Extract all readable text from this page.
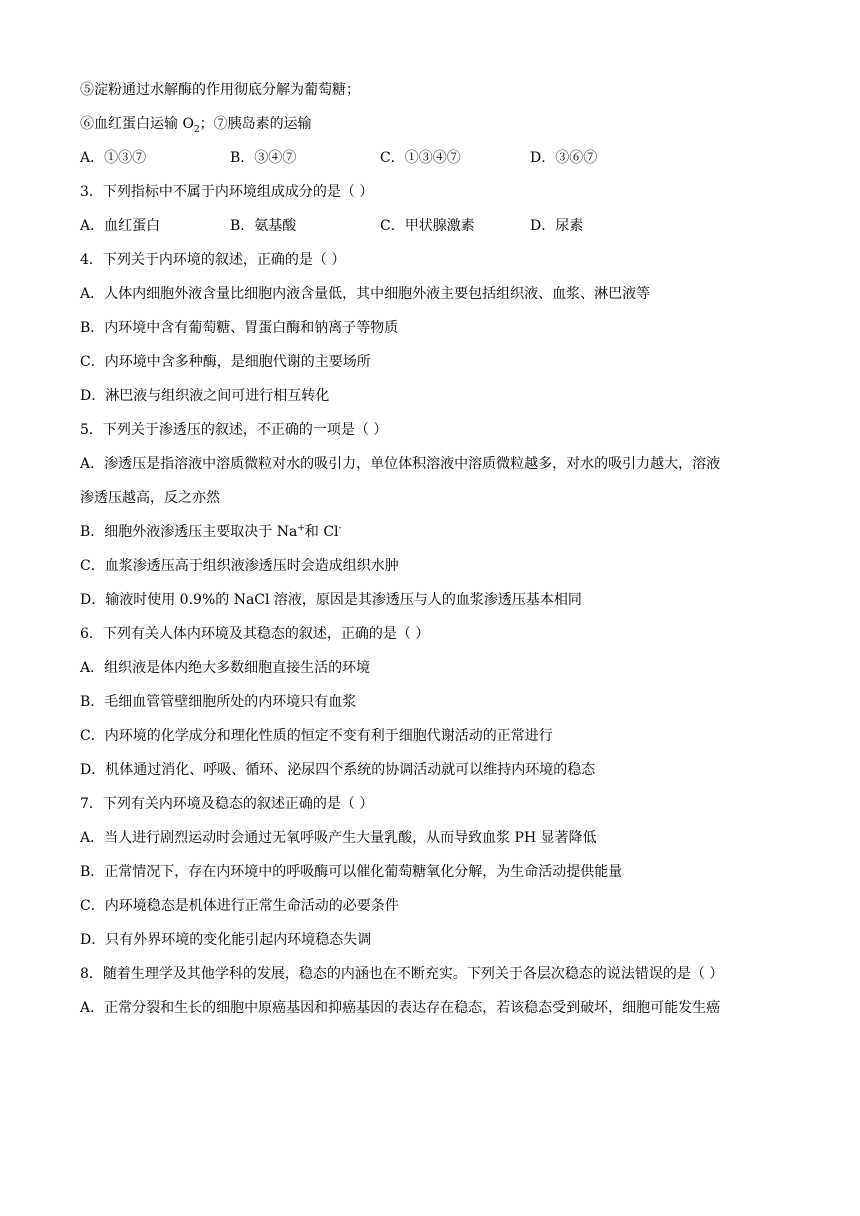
⑤淀粉通过水解酶的作用彻底分解为葡萄糖；
⑥血红蛋白运输 $O_2$；⑦胰岛素的运输
A．①③⑦	B．③④⑦	C．①③④⑦	D．③⑥⑦
3．下列指标中不属于内环境组成成分的是（ ）
A．血红蛋白	B．氨基酸	C．甲状腺激素	D．尿素
4．下列关于内环境的叙述，正确的是（ ）
A．人体内细胞外液含量比细胞内液含量低，其中细胞外液主要包括组织液、血浆、淋巴液等
B．内环境中含有葡萄糖、胃蛋白酶和钠离子等物质
C．内环境中含多种酶，是细胞代谢的主要场所
D．淋巴液与组织液之间可进行相互转化
5．下列关于渗透压的叙述，不正确的一项是（ ）
A．渗透压是指溶液中溶质微粒对水的吸引力，单位体积溶液中溶质微粒越多，对水的吸引力越大，溶液
渗透压越高，反之亦然
B．细胞外液渗透压主要取决于 Na+和 Cl-
C．血浆渗透压高于组织液渗透压时会造成组织水肿
D．输液时使用 0.9%的 NaCl 溶液，原因是其渗透压与人的血浆渗透压基本相同
6．下列有关人体内环境及其稳态的叙述，正确的是（ ）
A．组织液是体内绝大多数细胞直接生活的环境
B．毛细血管管壁细胞所处的内环境只有血浆
C．内环境的化学成分和理化性质的恒定不变有利于细胞代谢活动的正常进行
D．机体通过消化、呼吸、循环、泌尿四个系统的协调活动就可以维持内环境的稳态
7．下列有关内环境及稳态的叙述正确的是（ ）
A．当人进行剧烈运动时会通过无氧呼吸产生大量乳酸，从而导致血浆 PH 显著降低
B．正常情况下，存在内环境中的呼吸酶可以催化葡萄糖氧化分解，为生命活动提供能量
C．内环境稳态是机体进行正常生命活动的必要条件
D．只有外界环境的变化能引起内环境稳态失调
8．随着生理学及其他学科的发展，稳态的内涵也在不断充实。下列关于各层次稳态的说法错误的是（ ）
A．正常分裂和生长的细胞中原癌基因和抑癌基因的表达存在稳态，若该稳态受到破坏，细胞可能发生癌
